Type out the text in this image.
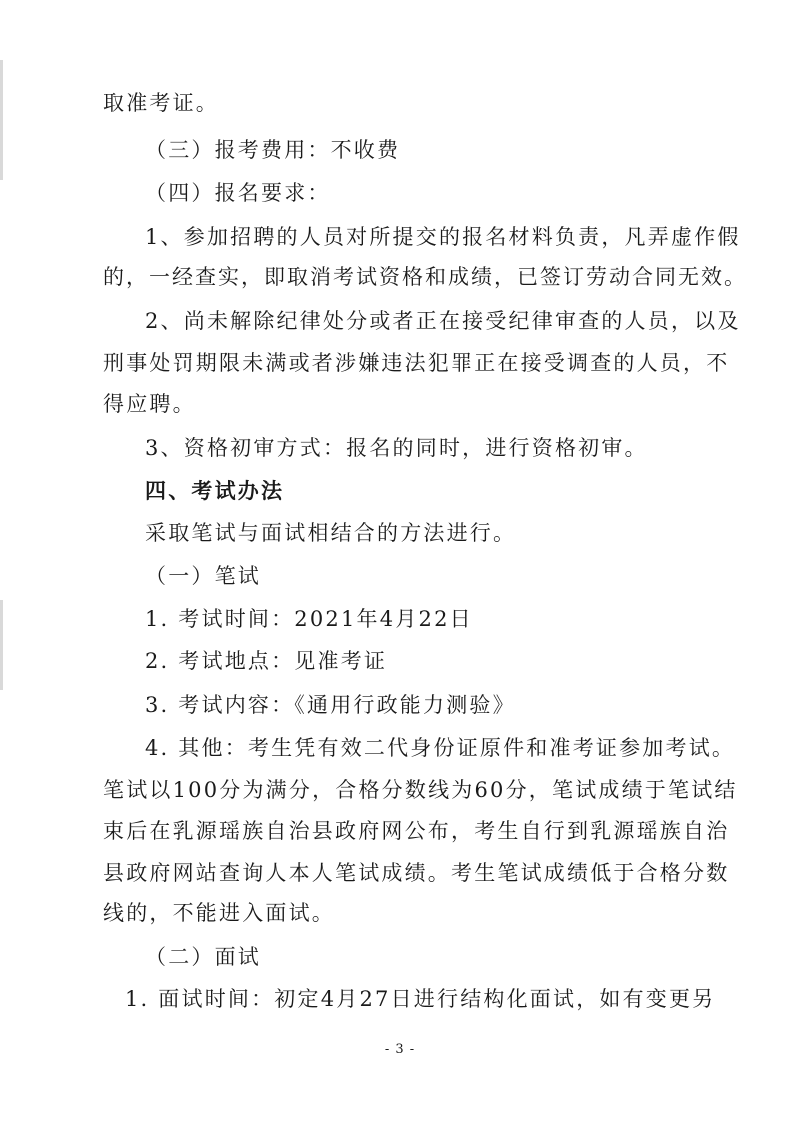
取准考证。
（三）报考费用：不收费
（四）报名要求：
1、参加招聘的人员对所提交的报名材料负责，凡弄虚作假
的，一经查实，即取消考试资格和成绩，已签订劳动合同无效。
2、尚未解除纪律处分或者正在接受纪律审查的人员，以及
刑事处罚期限未满或者涉嫌违法犯罪正在接受调查的人员，不
得应聘。
3、资格初审方式：报名的同时，进行资格初审。
四、考试办法
采取笔试与面试相结合的方法进行。
（一）笔试
1. 考试时间：2021年4月22日
2. 考试地点：见准考证
3. 考试内容：《通用行政能力测验》
4. 其他：考生凭有效二代身份证原件和准考证参加考试。
笔试以100分为满分，合格分数线为60分，笔试成绩于笔试结
束后在乳源瑶族自治县政府网公布，考生自行到乳源瑶族自治
县政府网站查询人本人笔试成绩。考生笔试成绩低于合格分数
线的，不能进入面试。
（二）面试
1. 面试时间：初定4月27日进行结构化面试，如有变更另
- 3 -
